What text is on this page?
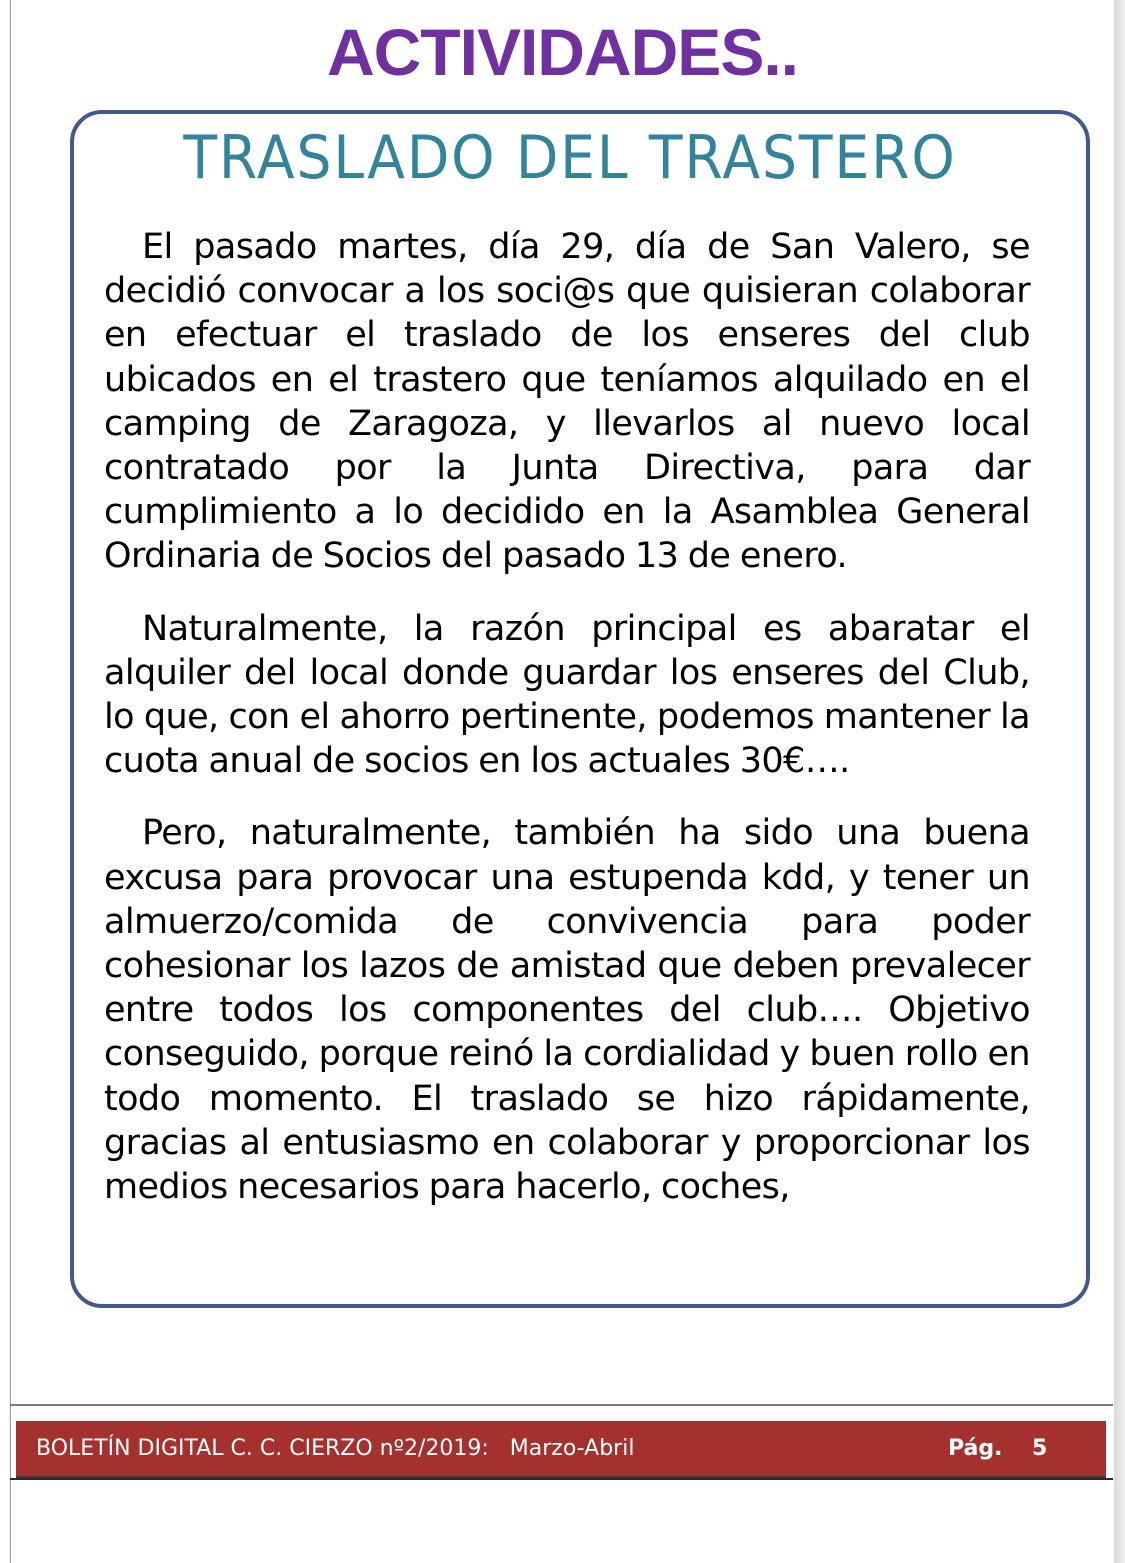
ACTIVIDADES..
TRASLADO DEL TRASTERO

El pasado martes, día 29, día de San Valero, se decidió convocar a los soci@s que quisieran colaborar en efectuar el traslado de los enseres del club ubicados en el trastero que teníamos alquilado en el camping de Zaragoza, y llevarlos al nuevo local contratado por la Junta Directiva, para dar cumplimiento a lo decidido en la Asamblea General Ordinaria de Socios del pasado 13 de enero.

Naturalmente, la razón principal es abaratar el alquiler del local donde guardar los enseres del Club, lo que, con el ahorro pertinente, podemos mantener la cuota anual de socios en los actuales 30€….

Pero, naturalmente, también ha sido una buena excusa para provocar una estupenda kdd, y tener un almuerzo/comida de convivencia para poder cohesionar los lazos de amistad que deben prevalecer entre todos los componentes del club…. Objetivo conseguido, porque reinó la cordialidad y buen rollo en todo momento. El traslado se hizo rápidamente, gracias al entusiasmo en colaborar y proporcionar los medios necesarios para hacerlo, coches,

BOLETÍN DIGITAL C. C. CIERZO nº2/2019:   Marzo-Abril	Pág. 5
